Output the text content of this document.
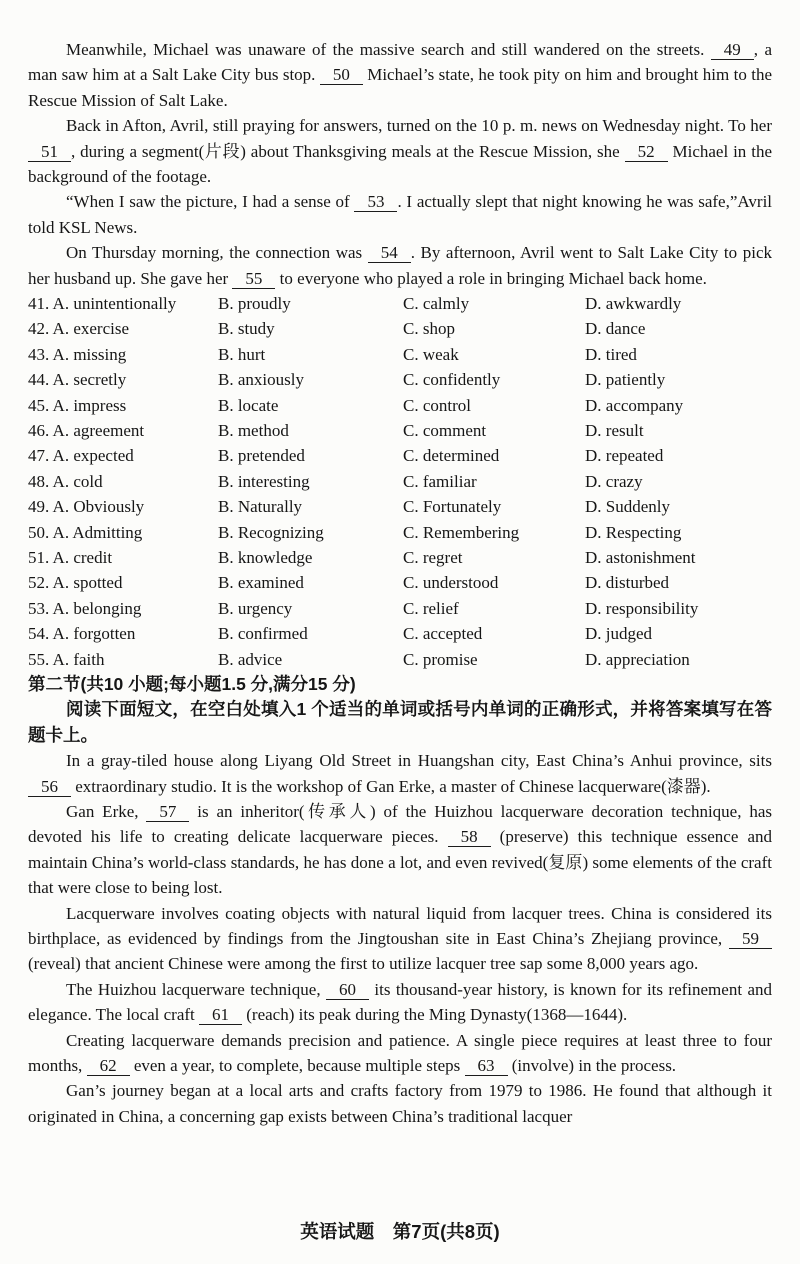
Meanwhile, Michael was unaware of the massive search and still wandered on the streets. 49 , a man saw him at a Salt Lake City bus stop. 50 Michael’s state, he took pity on him and brought him to the Rescue Mission of Salt Lake.

Back in Afton, Avril, still praying for answers, turned on the 10 p. m. news on Wednesday night. To her 51 , during a segment(片段) about Thanksgiving meals at the Rescue Mission, she 52 Michael in the background of the footage.

“When I saw the picture, I had a sense of 53 . I actually slept that night knowing he was safe,”Avril told KSL News.

On Thursday morning, the connection was 54 . By afternoon, Avril went to Salt Lake City to pick her husband up. She gave her 55 to everyone who played a role in bringing Michael back home.

41. A. unintentionally	B. proudly	C. calmly	D. awkwardly
42. A. exercise	B. study	C. shop	D. dance
43. A. missing	B. hurt	C. weak	D. tired
44. A. secretly	B. anxiously	C. confidently	D. patiently
45. A. impress	B. locate	C. control	D. accompany
46. A. agreement	B. method	C. comment	D. result
47. A. expected	B. pretended	C. determined	D. repeated
48. A. cold	B. interesting	C. familiar	D. crazy
49. A. Obviously	B. Naturally	C. Fortunately	D. Suddenly
50. A. Admitting	B. Recognizing	C. Remembering	D. Respecting
51. A. credit	B. knowledge	C. regret	D. astonishment
52. A. spotted	B. examined	C. understood	D. disturbed
53. A. belonging	B. urgency	C. relief	D. responsibility
54. A. forgotten	B. confirmed	C. accepted	D. judged
55. A. faith	B. advice	C. promise	D. appreciation

第二节(共10 小题;每小题1.5 分,满分15 分)

阅读下面短文，在空白处填入1 个适当的单词或括号内单词的正确形式，并将答案填写在答题卡上。

In a gray-tiled house along Liyang Old Street in Huangshan city, East China’s Anhui province, sits 56 extraordinary studio. It is the workshop of Gan Erke, a master of Chinese lacquerware(漆器).

Gan Erke, 57 is an inheritor(传承人) of the Huizhou lacquerware decoration technique, has devoted his life to creating delicate lacquerware pieces. 58 (preserve) this technique essence and maintain China’s world-class standards, he has done a lot, and even revived(复原) some elements of the craft that were close to being lost.

Lacquerware involves coating objects with natural liquid from lacquer trees. China is considered its birthplace, as evidenced by findings from the Jingtoushan site in East China’s Zhejiang province, 59 (reveal) that ancient Chinese were among the first to utilize lacquer tree sap some 8,000 years ago.

The Huizhou lacquerware technique, 60 its thousand-year history, is known for its refinement and elegance. The local craft 61 (reach) its peak during the Ming Dynasty(1368—1644).

Creating lacquerware demands precision and patience. A single piece requires at least three to four months, 62 even a year, to complete, because multiple steps 63 (involve) in the process.

Gan’s journey began at a local arts and crafts factory from 1979 to 1986. He found that although it originated in China, a concerning gap exists between China’s traditional lacquer

英语试题　第7页(共8页)
